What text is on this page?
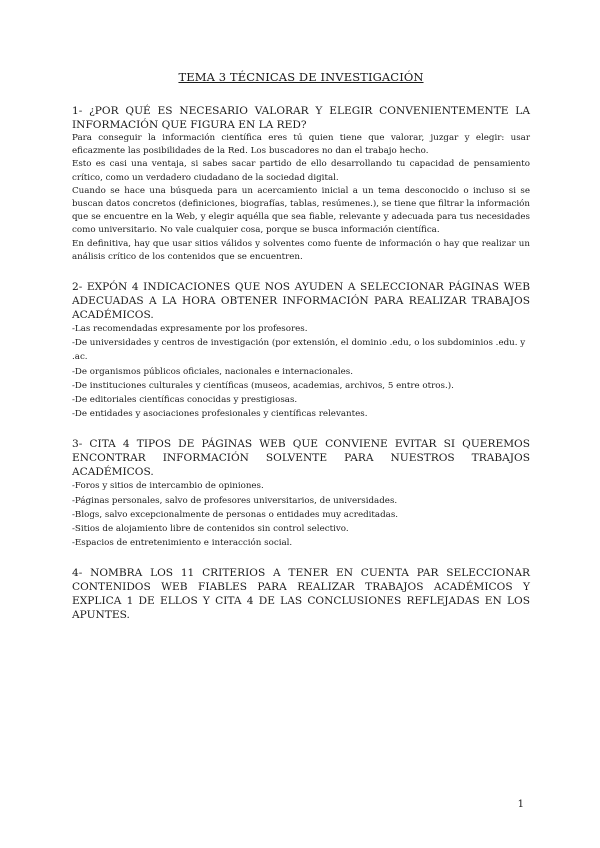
TEMA 3 TÉCNICAS DE INVESTIGACIÓN

1- ¿POR QUÉ ES NECESARIO VALORAR Y ELEGIR CONVENIENTEMENTE LA INFORMACIÓN QUE FIGURA EN LA RED?

Para conseguir la información científica eres tú quien tiene que valorar, juzgar y elegir: usar eficazmente las posibilidades de la Red. Los buscadores no dan el trabajo hecho.

Esto es casi una ventaja, si sabes sacar partido de ello desarrollando tu capacidad de pensamiento crítico, como un verdadero ciudadano de la sociedad digital.

Cuando se hace una búsqueda para un acercamiento inicial a un tema desconocido o incluso si se buscan datos concretos (definiciones, biografías, tablas, resúmenes.), se tiene que filtrar la información que se encuentre en la Web, y elegir aquélla que sea fiable, relevante y adecuada para tus necesidades como universitario. No vale cualquier cosa, porque se busca información científica.

En definitiva, hay que usar sitios válidos y solventes como fuente de información o hay que realizar un análisis crítico de los contenidos que se encuentren.

2- EXPÓN 4 INDICACIONES QUE NOS AYUDEN A SELECCIONAR PÁGINAS WEB ADECUADAS A LA HORA OBTENER INFORMACIÓN PARA REALIZAR TRABAJOS ACADÉMICOS.

-Las recomendadas expresamente por los profesores.

-De universidades y centros de investigación (por extensión, el dominio .edu, o los subdominios .edu. y .ac.

-De organismos públicos oficiales, nacionales e internacionales.

-De instituciones culturales y científicas (museos, academias, archivos, 5 entre otros.).

-De editoriales científicas conocidas y prestigiosas.

-De entidades y asociaciones profesionales y científicas relevantes.

3- CITA 4 TIPOS DE PÁGINAS WEB QUE CONVIENE EVITAR SI QUEREMOS ENCONTRAR INFORMACIÓN SOLVENTE PARA NUESTROS TRABAJOS ACADÉMICOS.

-Foros y sitios de intercambio de opiniones.

-Páginas personales, salvo de profesores universitarios, de universidades.

-Blogs, salvo excepcionalmente de personas o entidades muy acreditadas.

-Sitios de alojamiento libre de contenidos sin control selectivo.

-Espacios de entretenimiento e interacción social.

4- NOMBRA LOS 11 CRITERIOS A TENER EN CUENTA PAR SELECCIONAR CONTENIDOS WEB FIABLES PARA REALIZAR TRABAJOS ACADÉMICOS Y EXPLICA 1 DE ELLOS Y CITA 4 DE LAS CONCLUSIONES REFLEJADAS EN LOS APUNTES.

1
